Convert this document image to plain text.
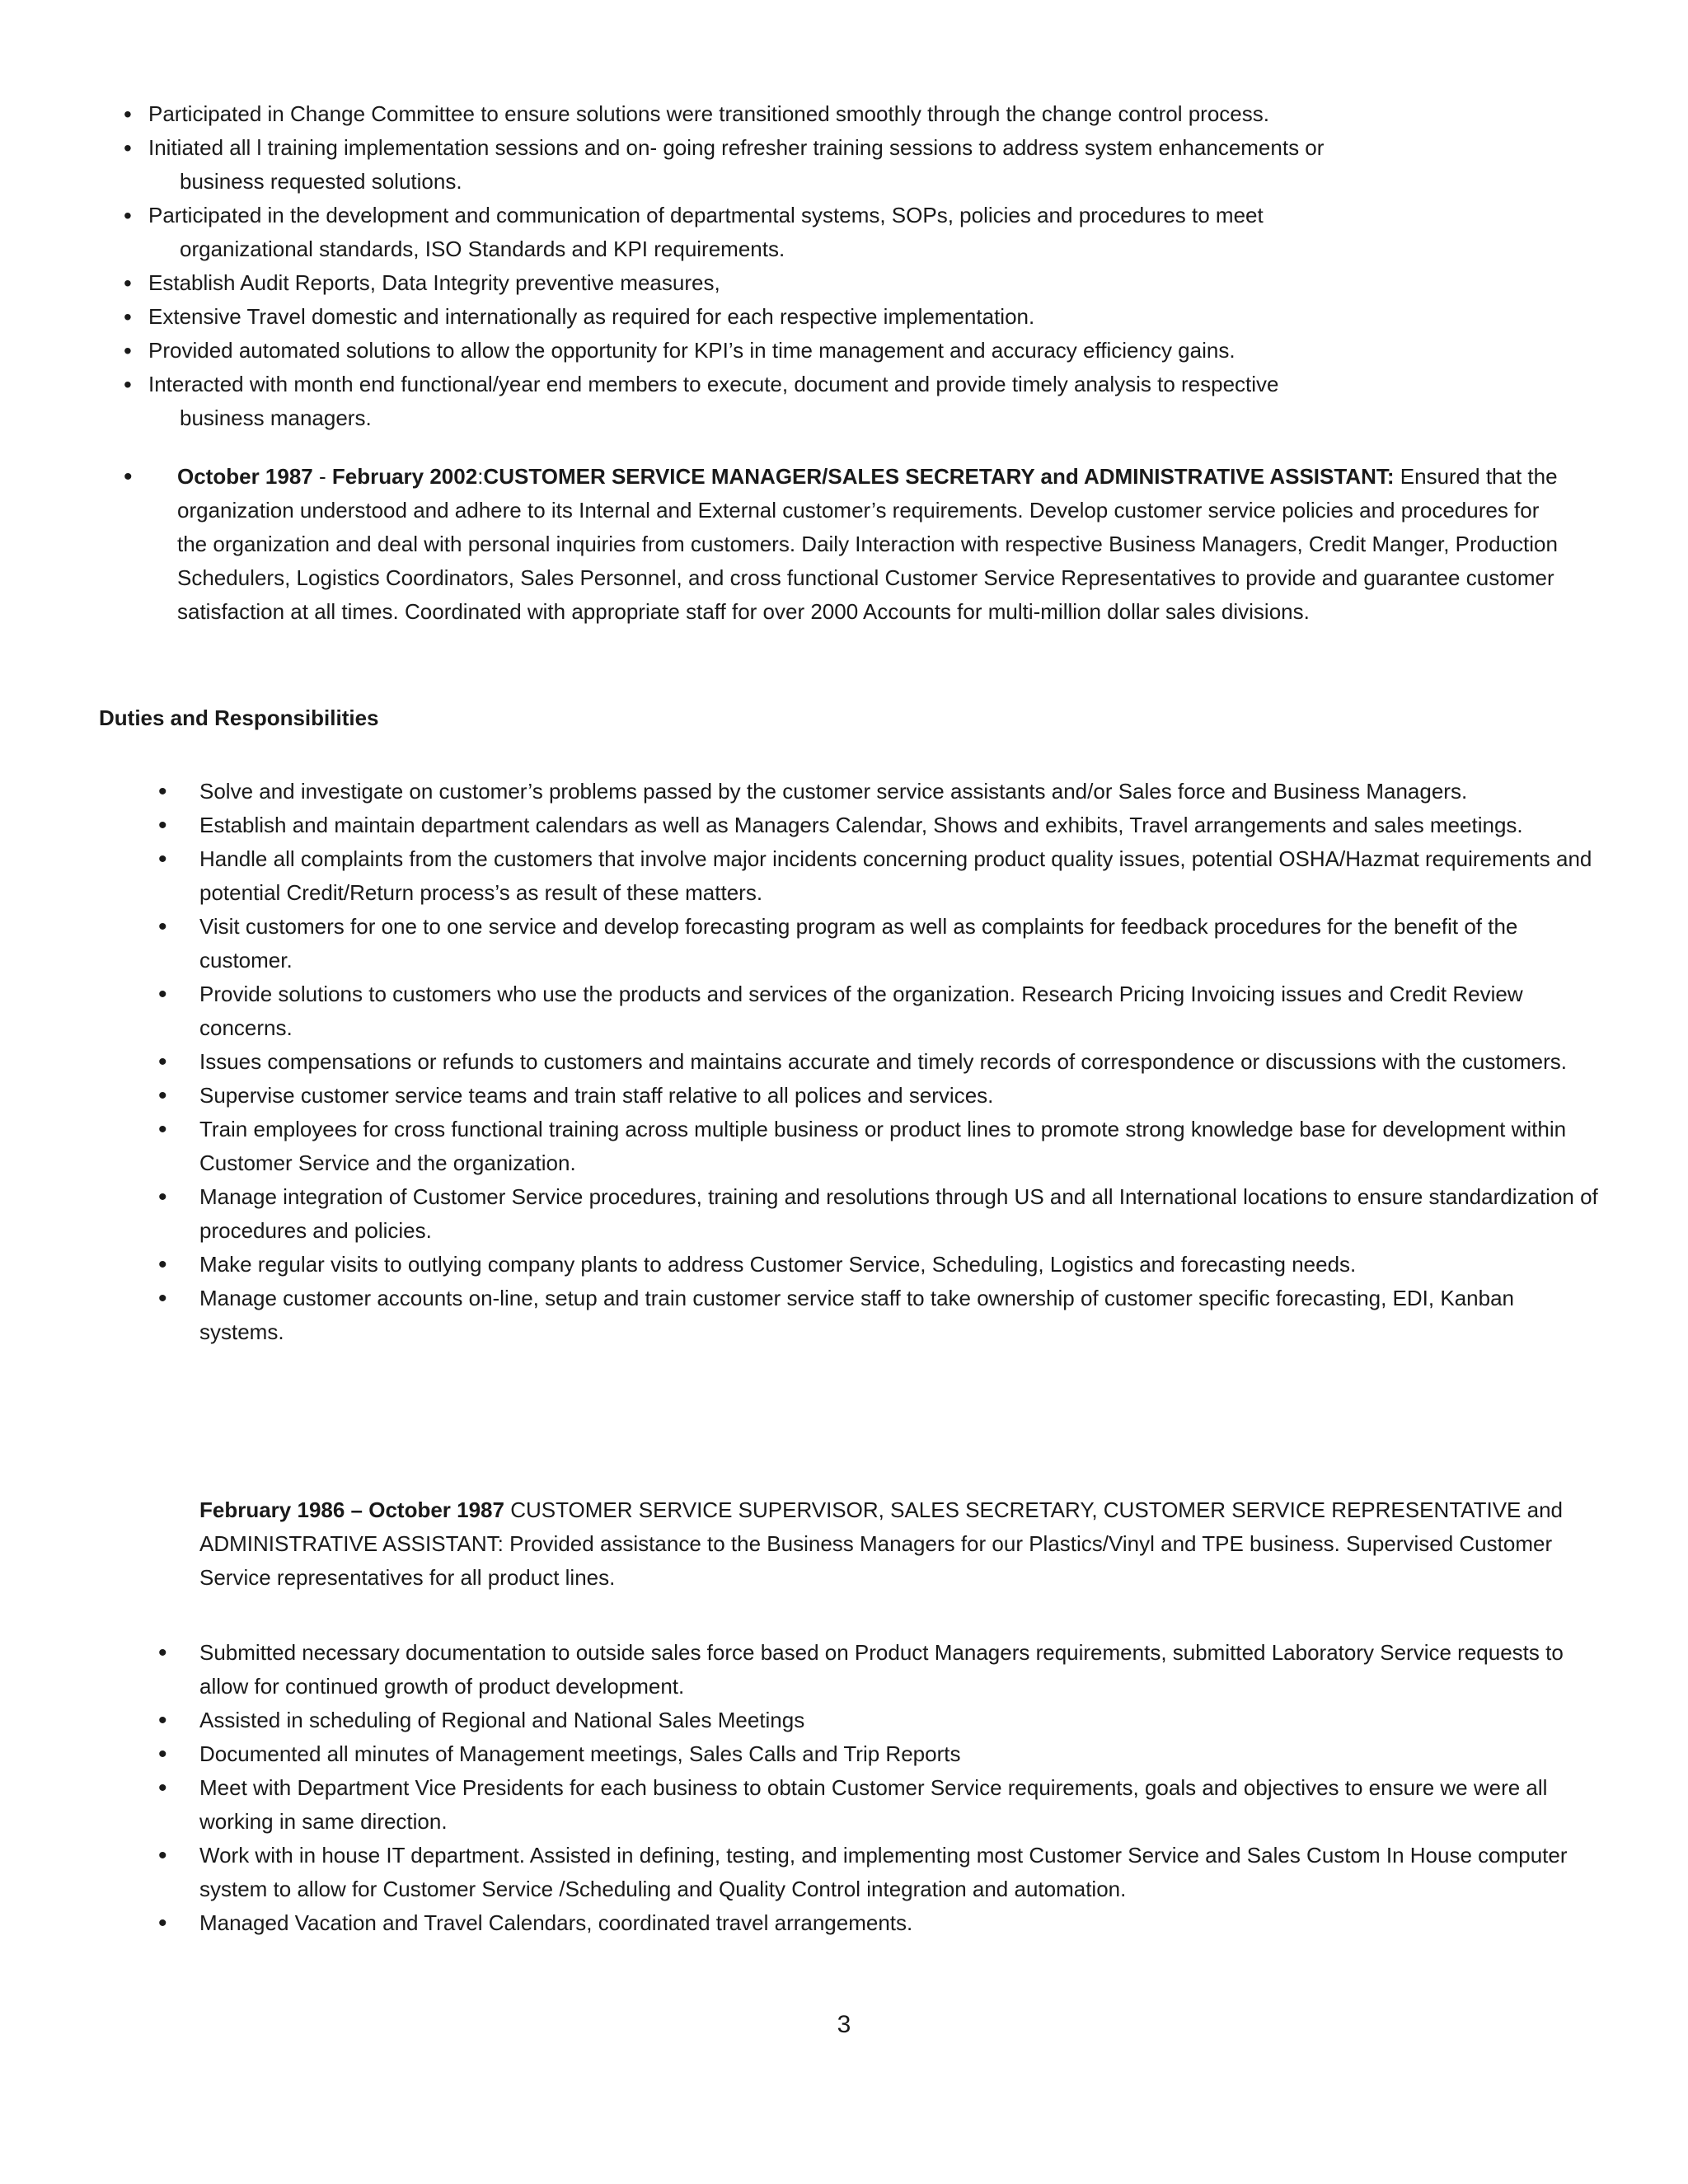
• Participated in Change Committee to ensure solutions were transitioned smoothly through the change control process.
• Initiated all l training implementation sessions and on- going refresher training sessions to address system enhancements or
business requested solutions.
• Participated in the development and communication of departmental systems, SOPs, policies and procedures to meet
organizational standards, ISO Standards and KPI requirements.
• Establish Audit Reports, Data Integrity preventive measures,
• Extensive Travel domestic and internationally as required for each respective implementation.
• Provided automated solutions to allow the opportunity for KPI’s in time management and accuracy efficiency gains.
• Interacted with month end functional/year end members to execute, document and provide timely analysis to respective
business managers.
• October 1987 - February 2002:CUSTOMER SERVICE MANAGER/SALES SECRETARY and ADMINISTRATIVE ASSISTANT: Ensured that the organization understood and adhere to its Internal and External customer’s requirements. Develop customer service policies and procedures for the organization and deal with personal inquiries from customers. Daily Interaction with respective Business Managers, Credit Manger, Production Schedulers, Logistics Coordinators, Sales Personnel, and cross functional Customer Service Representatives to provide and guarantee customer satisfaction at all times. Coordinated with appropriate staff for over 2000 Accounts for multi-million dollar sales divisions.
Duties and Responsibilities
• Solve and investigate on customer’s problems passed by the customer service assistants and/or Sales force and Business Managers.
• Establish and maintain department calendars as well as Managers Calendar, Shows and exhibits, Travel arrangements and sales meetings.
• Handle all complaints from the customers that involve major incidents concerning product quality issues, potential OSHA/Hazmat requirements and potential Credit/Return process’s as result of these matters.
• Visit customers for one to one service and develop forecasting program as well as complaints for feedback procedures for the benefit of the customer.
• Provide solutions to customers who use the products and services of the organization. Research Pricing Invoicing issues and Credit Review concerns.
• Issues compensations or refunds to customers and maintains accurate and timely records of correspondence or discussions with the customers.
• Supervise customer service teams and train staff relative to all polices and services.
• Train employees for cross functional training across multiple business or product lines to promote strong knowledge base for development within Customer Service and the organization.
• Manage integration of Customer Service procedures, training and resolutions through US and all International locations to ensure standardization of procedures and policies.
• Make regular visits to outlying company plants to address Customer Service, Scheduling, Logistics and forecasting needs.
• Manage customer accounts on-line, setup and train customer service staff to take ownership of customer specific forecasting, EDI, Kanban systems.
February 1986 – October 1987 CUSTOMER SERVICE SUPERVISOR, SALES SECRETARY, CUSTOMER SERVICE REPRESENTATIVE and ADMINISTRATIVE ASSISTANT: Provided assistance to the Business Managers for our Plastics/Vinyl and TPE business. Supervised Customer Service representatives for all product lines.
• Submitted necessary documentation to outside sales force based on Product Managers requirements, submitted Laboratory Service requests to allow for continued growth of product development.
• Assisted in scheduling of Regional and National Sales Meetings
• Documented all minutes of Management meetings, Sales Calls and Trip Reports
• Meet with Department Vice Presidents for each business to obtain Customer Service requirements, goals and objectives to ensure we were all working in same direction.
• Work with in house IT department. Assisted in defining, testing, and implementing most Customer Service and Sales Custom In House computer system to allow for Customer Service /Scheduling and Quality Control integration and automation.
• Managed Vacation and Travel Calendars, coordinated travel arrangements.
3
